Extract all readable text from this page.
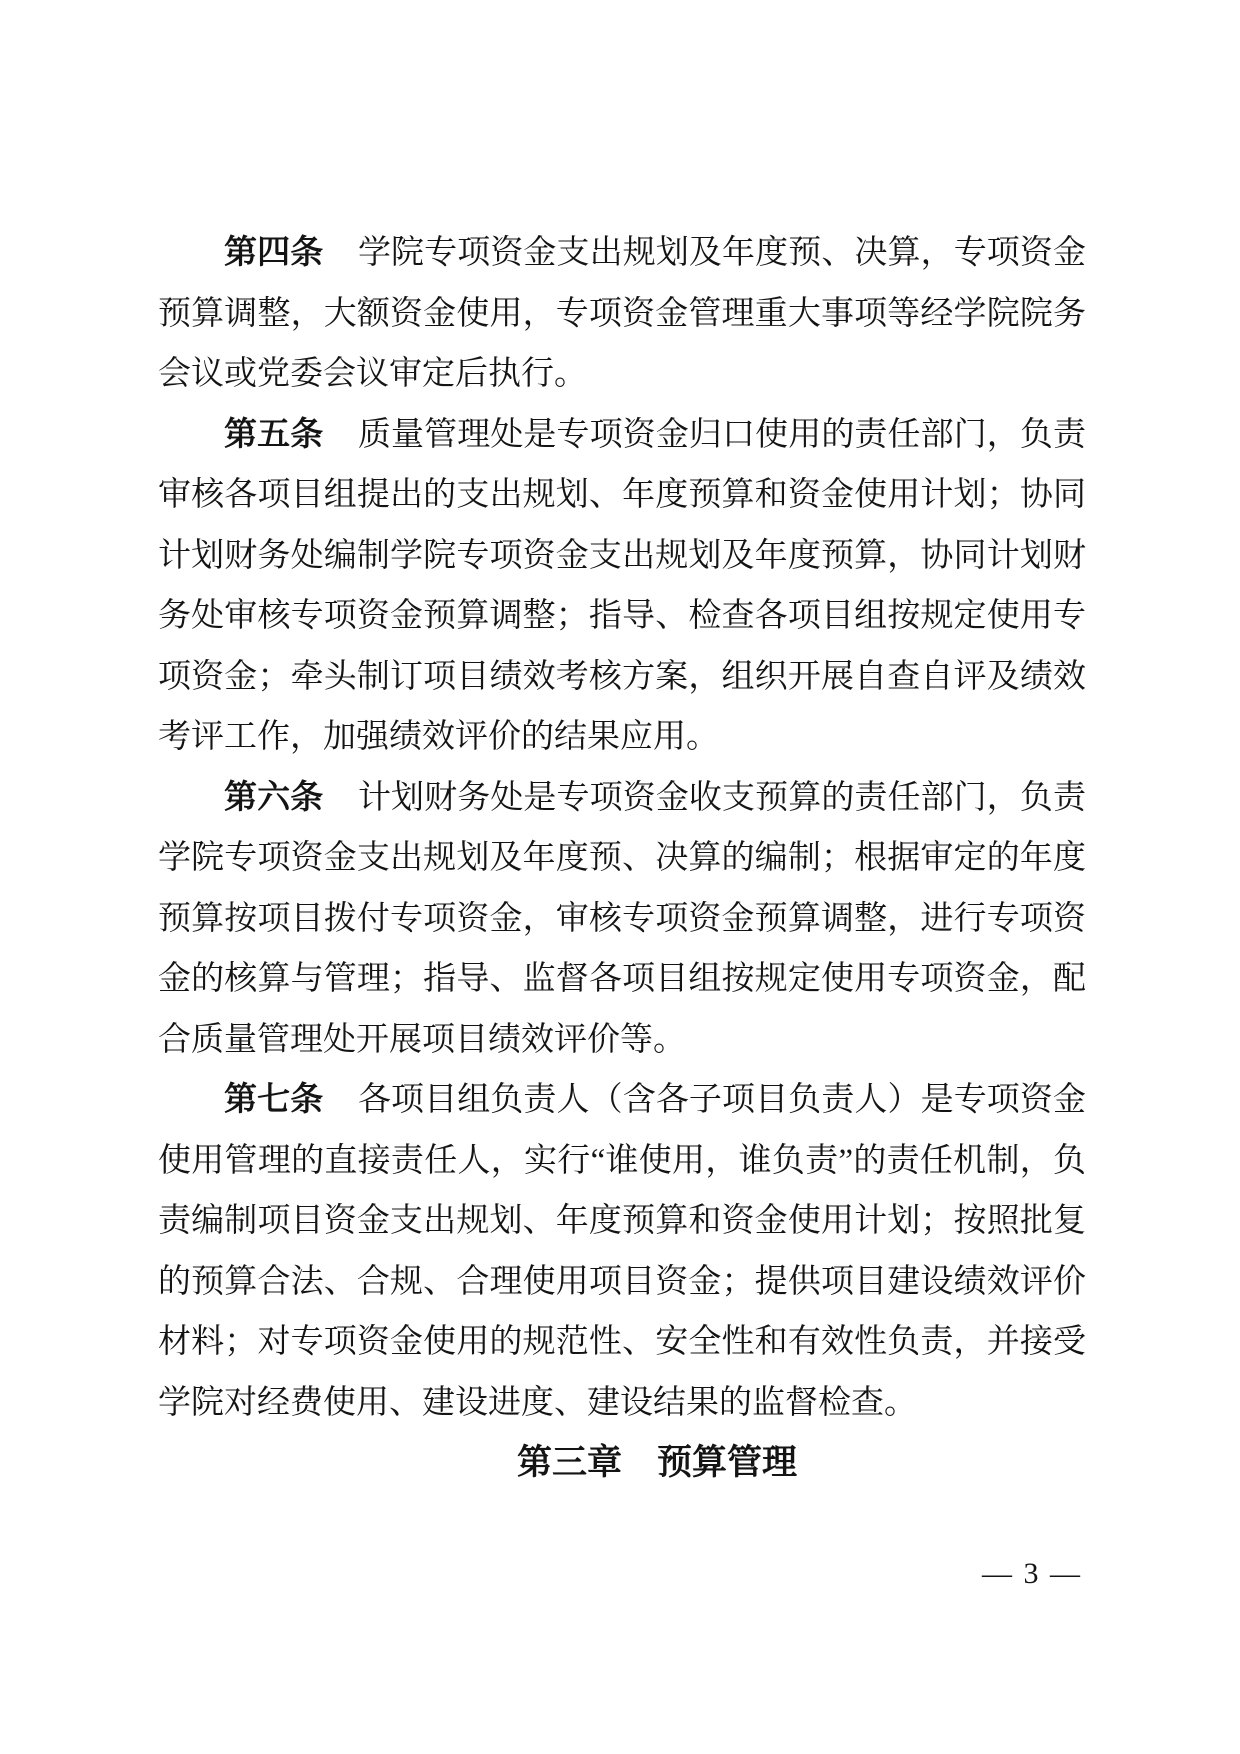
第四条 学院专项资金支出规划及年度预、决算，专项资金预算调整，大额资金使用，专项资金管理重大事项等经学院院务会议或党委会议审定后执行。

第五条 质量管理处是专项资金归口使用的责任部门，负责审核各项目组提出的支出规划、年度预算和资金使用计划；协同计划财务处编制学院专项资金支出规划及年度预算，协同计划财务处审核专项资金预算调整；指导、检查各项目组按规定使用专项资金；牵头制订项目绩效考核方案，组织开展自查自评及绩效考评工作，加强绩效评价的结果应用。

第六条 计划财务处是专项资金收支预算的责任部门，负责学院专项资金支出规划及年度预、决算的编制；根据审定的年度预算按项目拨付专项资金，审核专项资金预算调整，进行专项资金的核算与管理；指导、监督各项目组按规定使用专项资金，配合质量管理处开展项目绩效评价等。

第七条 各项目组负责人（含各子项目负责人）是专项资金使用管理的直接责任人，实行“谁使用，谁负责”的责任机制，负责编制项目资金支出规划、年度预算和资金使用计划；按照批复的预算合法、合规、合理使用项目资金；提供项目建设绩效评价材料；对专项资金使用的规范性、安全性和有效性负责，并接受学院对经费使用、建设进度、建设结果的监督检查。

第三章　预算管理

— 3 —
